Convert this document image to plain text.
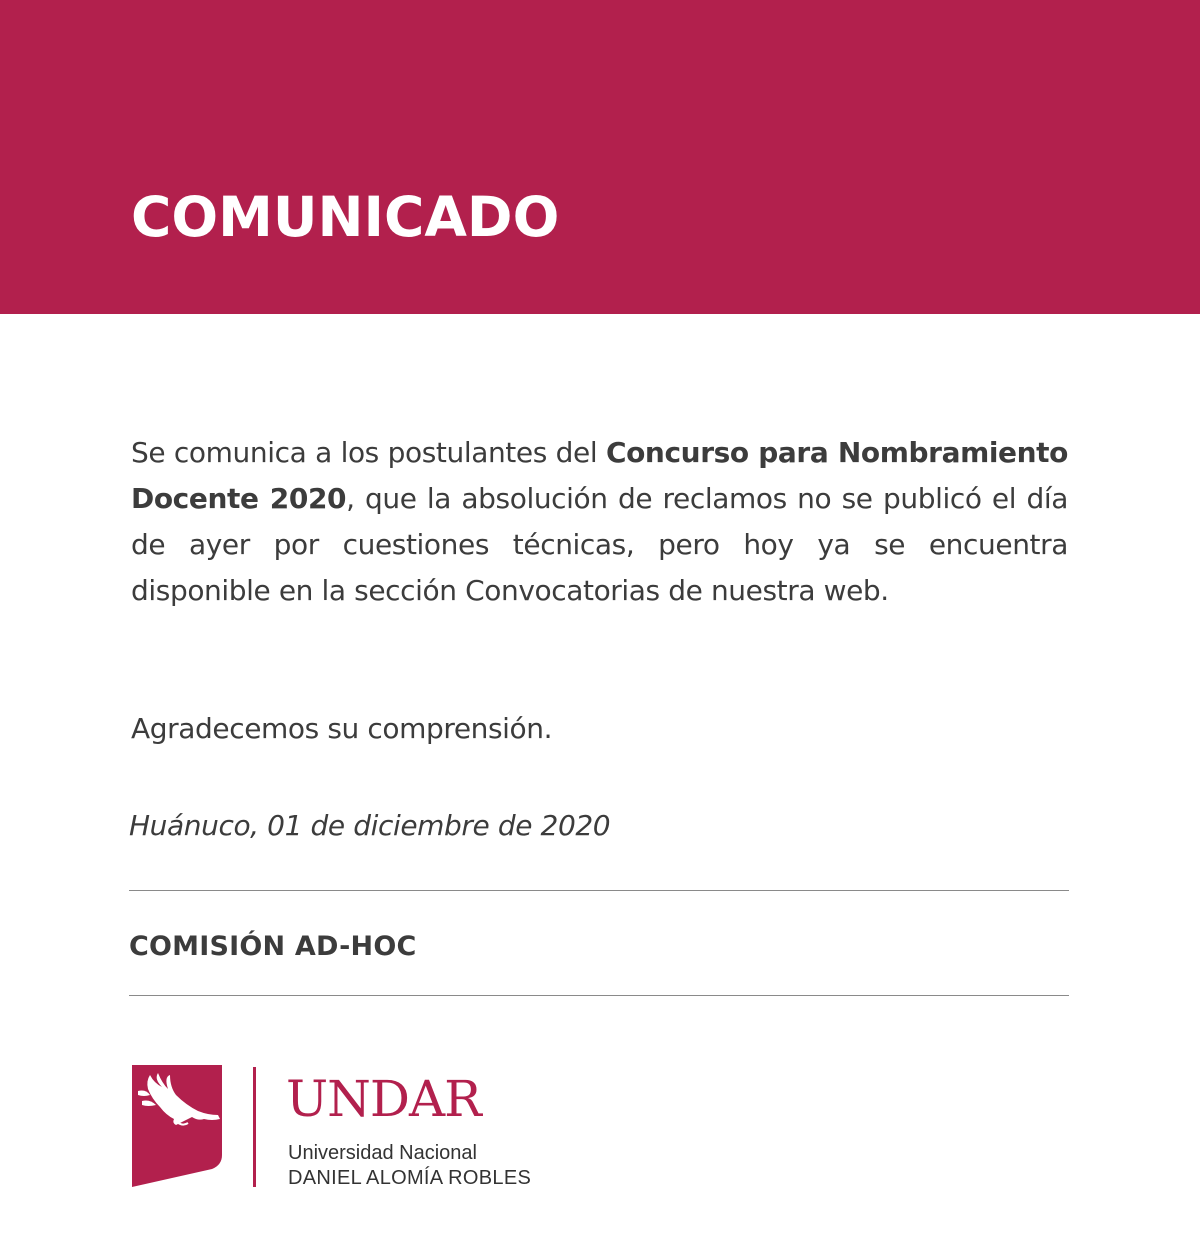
COMUNICADO

Se comunica a los postulantes del Concurso para Nombramiento Docente 2020, que la absolución de reclamos no se publicó el día de ayer por cuestiones técnicas, pero hoy ya se encuentra disponible en la sección Convocatorias de nuestra web.

Agradecemos su comprensión.

Huánuco, 01 de diciembre de 2020

COMISIÓN AD-HOC

UNDAR

Universidad Nacional

DANIEL ALOMÍA ROBLES
